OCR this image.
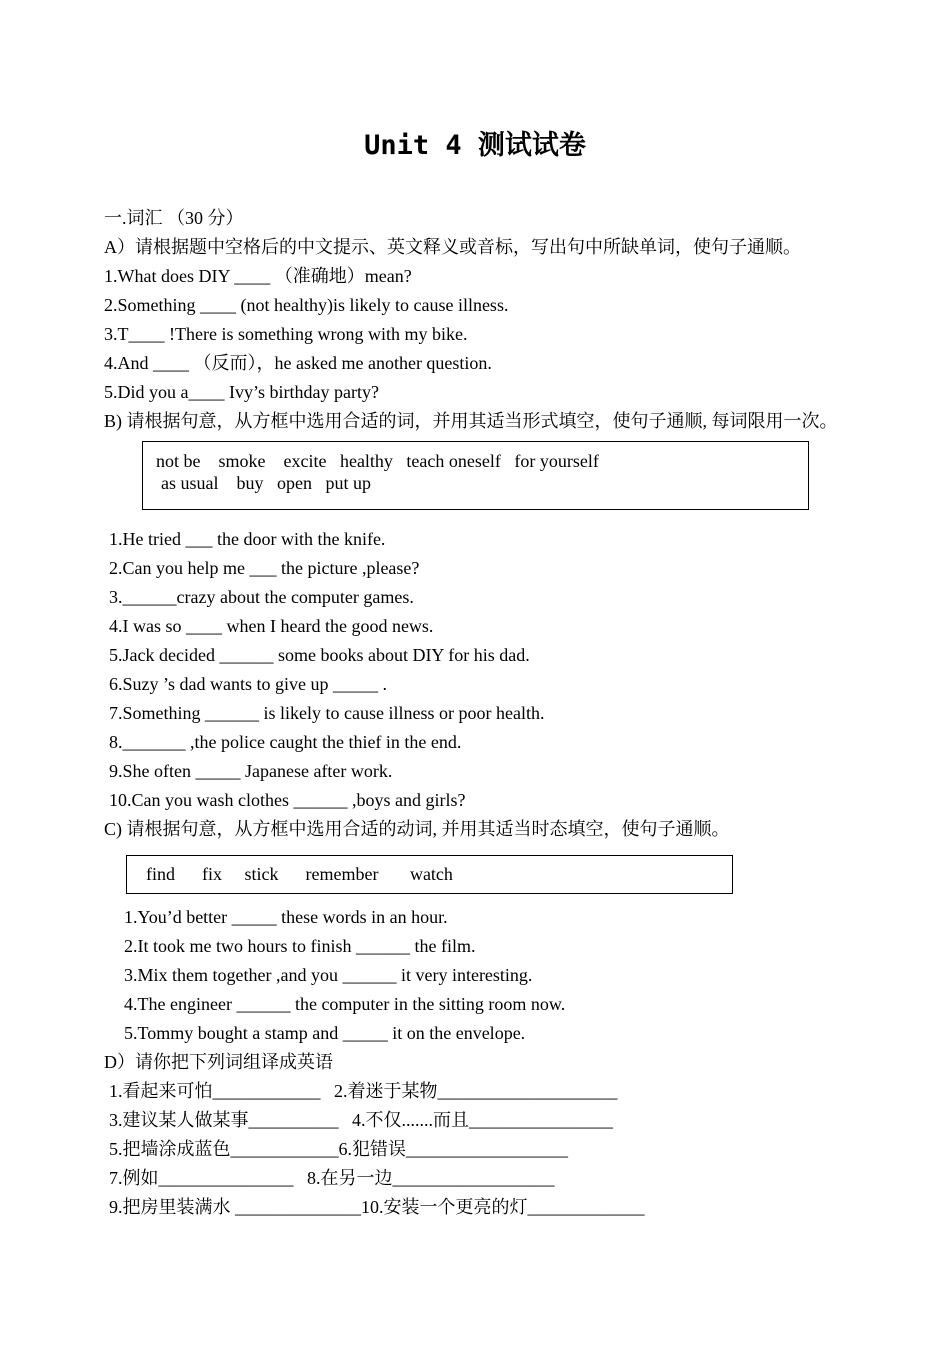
Unit 4 测试试卷
一.词汇 （30 分）
A）请根据题中空格后的中文提示、英文释义或音标，写出句中所缺单词，使句子通顺。
1.What does DIY ____ （准确地）mean?
2.Something ____ (not healthy)is likely to cause illness.
3.T____ !There is something wrong with my bike.
4.And ____ （反而），he asked me another question.
5.Did you a____ Ivy’s birthday party?
B) 请根据句意，从方框中选用合适的词，并用其适当形式填空，使句子通顺, 每词限用一次。
not be    smoke    excite   healthy   teach oneself   for yourself
as usual    buy   open   put up
1.He tried ___ the door with the knife.
2.Can you help me ___ the picture ,please?
3.______crazy about the computer games.
4.I was so ____ when I heard the good news.
5.Jack decided ______ some books about DIY for his dad.
6.Suzy ’s dad wants to give up _____ .
7.Something ______ is likely to cause illness or poor health.
8._______ ,the police caught the thief in the end.
9.She often _____ Japanese after work.
10.Can you wash clothes ______ ,boys and girls?
C) 请根据句意，从方框中选用合适的动词, 并用其适当时态填空，使句子通顺。
find      fix     stick      remember       watch
1.You’d better _____ these words in an hour.
2.It took me two hours to finish ______ the film.
3.Mix them together ,and you ______ it very interesting.
4.The engineer ______ the computer in the sitting room now.
5.Tommy bought a stamp and _____ it on the envelope.
D）请你把下列词组译成英语
1.看起来可怕____________   2.着迷于某物____________________
3.建议某人做某事__________   4.不仅.......而且________________
5.把墙涂成蓝色____________6.犯错误__________________
7.例如_______________   8.在另一边__________________
9.把房里装满水 ______________10.安装一个更亮的灯_____________
